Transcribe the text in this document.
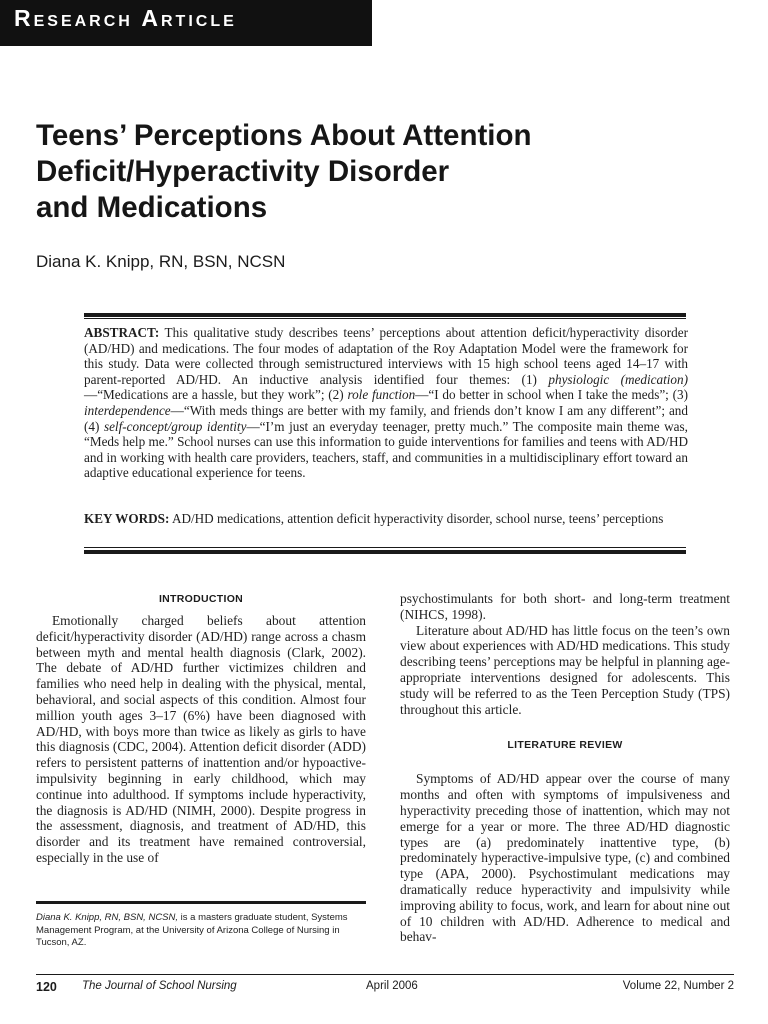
Research Article
Teens’ Perceptions About Attention
Deficit/Hyperactivity Disorder
and Medications
Diana K. Knipp, RN, BSN, NCSN
ABSTRACT: This qualitative study describes teens’ perceptions about attention deficit/hyperactivity disorder (AD/HD) and medications. The four modes of adaptation of the Roy Adaptation Model were the framework for this study. Data were collected through semistructured interviews with 15 high school teens aged 14–17 with parent-reported AD/HD. An inductive analysis identified four themes: (1) physiologic (medication)—“Medications are a hassle, but they work”; (2) role function—“I do better in school when I take the meds”; (3) interdependence—“With meds things are better with my family, and friends don’t know I am any different”; and (4) self-concept/group identity—“I’m just an everyday teenager, pretty much.” The composite main theme was, “Meds help me.” School nurses can use this information to guide interventions for families and teens with AD/HD and in working with health care providers, teachers, staff, and communities in a multidisciplinary effort toward an adaptive educational experience for teens.
KEY WORDS: AD/HD medications, attention deficit hyperactivity disorder, school nurse, teens’ perceptions
INTRODUCTION

Emotionally charged beliefs about attention deficit/hyperactivity disorder (AD/HD) range across a chasm between myth and mental health diagnosis (Clark, 2002). The debate of AD/HD further victimizes children and families who need help in dealing with the physical, mental, behavioral, and social aspects of this condition. Almost four million youth ages 3–17 (6%) have been diagnosed with AD/HD, with boys more than twice as likely as girls to have this diagnosis (CDC, 2004). Attention deficit disorder (ADD) refers to persistent patterns of inattention and/or hypoactive-impulsivity beginning in early childhood, which may continue into adulthood. If symptoms include hyperactivity, the diagnosis is AD/HD (NIMH, 2000). Despite progress in the assessment, diagnosis, and treatment of AD/HD, this disorder and its treatment have remained controversial, especially in the use of

Diana K. Knipp, RN, BSN, NCSN, is a masters graduate student, Systems Management Program, at the University of Arizona College of Nursing in Tucson, AZ.

psychostimulants for both short- and long-term treatment (NIHCS, 1998).

Literature about AD/HD has little focus on the teen’s own view about experiences with AD/HD medications. This study describing teens’ perceptions may be helpful in planning age-appropriate interventions designed for adolescents. This study will be referred to as the Teen Perception Study (TPS) throughout this article.

LITERATURE REVIEW

Symptoms of AD/HD appear over the course of many months and often with symptoms of impulsiveness and hyperactivity preceding those of inattention, which may not emerge for a year or more. The three AD/HD diagnostic types are (a) predominately inattentive type, (b) predominately hyperactive-impulsive type, (c) and combined type (APA, 2000). Psychostimulant medications may dramatically reduce hyperactivity and impulsivity while improving ability to focus, work, and learn for about nine out of 10 children with AD/HD. Adherence to medical and behav-

120 The Journal of School Nursing	April 2006	Volume 22, Number 2
